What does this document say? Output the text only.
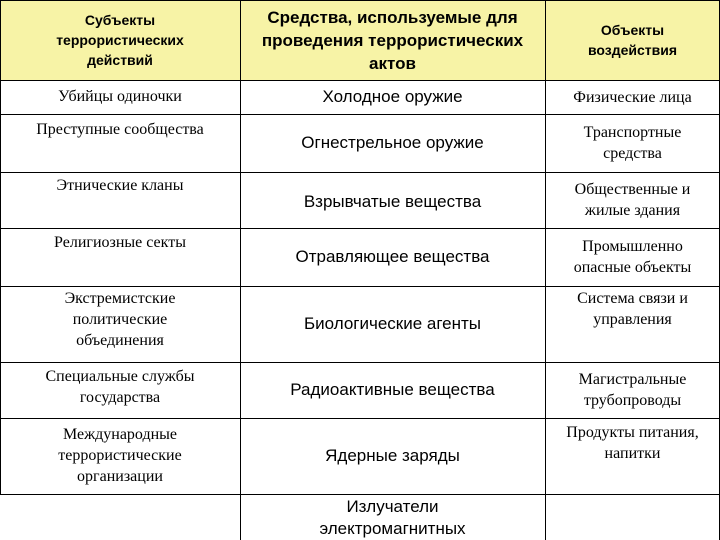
Субъекты террористических действий
Средства, используемые для проведения террористических актов
Объекты воздействия
Убийцы одиночки
Преступные сообщества
Этнические кланы
Религиозные секты
Экстремистские политические объединения
Специальные службы государства
Международные террористические организации
Холодное оружие
Огнестрельное оружие
Взрывчатые вещества
Отравляющее вещества
Биологические агенты
Радиоактивные вещества
Ядерные заряды
Излучатели электромагнитных
Физические лица
Транспортные средства
Общественные и жилые здания
Промышленно опасные объекты
Система связи и управления
Магистральные трубопроводы
Продукты питания, напитки
